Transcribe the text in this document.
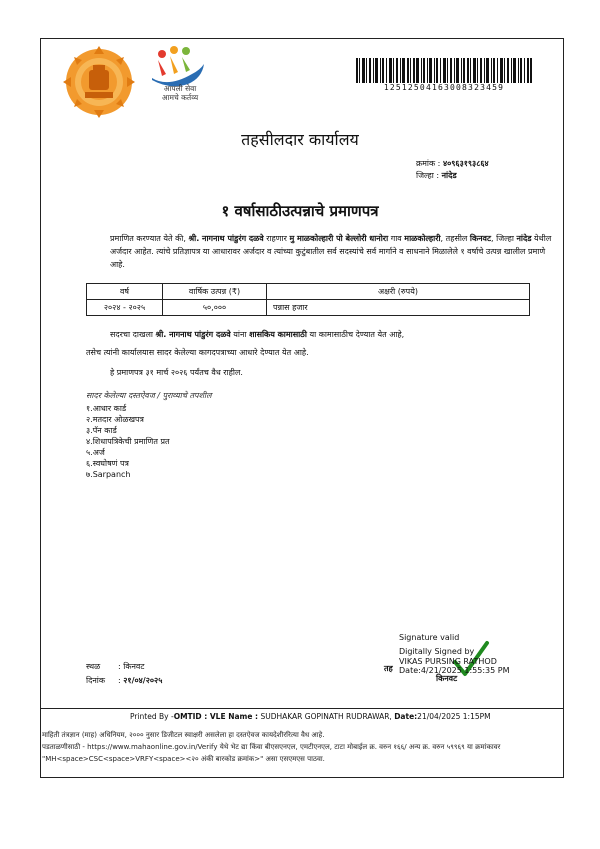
आपली सेवा
आमचे कर्तव्य
12512504163008323459
तहसीलदार कार्यालय
क्रमांक : ४०९६३१९३८६४
जिल्हा : नांदेड
१ वर्षासाठीउत्पन्नाचे प्रमाणपत्र
प्रमाणित करण्यात येते की, श्री. नागनाथ पांडुरंग दळवे राहणार मु माळकोल्हारी पो बेल्लोरी धानोरा गाव माळकोल्हारी, तहसील किनवट, जिल्हा नांदेड येथील अर्जदार आहेत. त्यांचे प्रतिज्ञापत्र या आधारावर अर्जदार व त्यांच्या कुटुंबातील सर्व सदस्यांचे सर्व मार्गाने व साधनाने मिळालेले १ वर्षाचे उत्पन्न खालील प्रमाणे आहे.
वर्ष	वार्षिक उत्पन्न (₹)	अक्षरी (रुपये)
२०२४ - २०२५	५०,०००	पन्नास हजार
सदरचा दाखला श्री. नागनाथ पांडुरंग दळवे यांना शासकिय कामासाठी या कामासाठीच देण्यात येत आहे,
तसेच त्यांनी कार्यालयास सादर केलेल्या कागदपत्राच्या आधारे देण्यात येत आहे.
हे प्रमाणपत्र ३१ मार्च २०२६ पर्यंतच वैध राहील.
सादर केलेल्या दस्तऐवज / पुराव्याचे तपशील
१.आधार कार्ड
२.मतदार ओळखपत्र
३.पॅन कार्ड
४.शिधापत्रिकेची प्रमाणित प्रत
५.अर्ज
६.स्वघोषणं पत्र
७.Sarpanch
Signature valid
Digitally Signed by
VIKAS PURSING RATHOD
Date:4/21/2025 1:55:35 PM
तह
किनवट
स्थळ : किनवट
दिनांक : २१/०४/२०२५
Printed By -OMTID : VLE Name : SUDHAKAR GOPINATH RUDRAWAR, Date:21/04/2025 1:15PM
माहिती तंत्रज्ञान (माह) अधिनियम, २००० नुसार डिजीटल स्वाक्षरी असलेला हा दस्तऐवज कायदेशीररित्या वैध आहे.
पडताळणीसाठी - https://www.mahaonline.gov.in/Verify येथे भेट द्या किंवा बीएसएनएल, एमटीएनएल, टाटा मोबाईल क्र. वरुन १६६/ अन्य क्र. वरुन ५९९६९ या क्रमांकावर
"MH<space>CSC<space>VRFY<space><२० अंकी बारकोड क्रमांक>" असा एसएमएस पाठवा.
